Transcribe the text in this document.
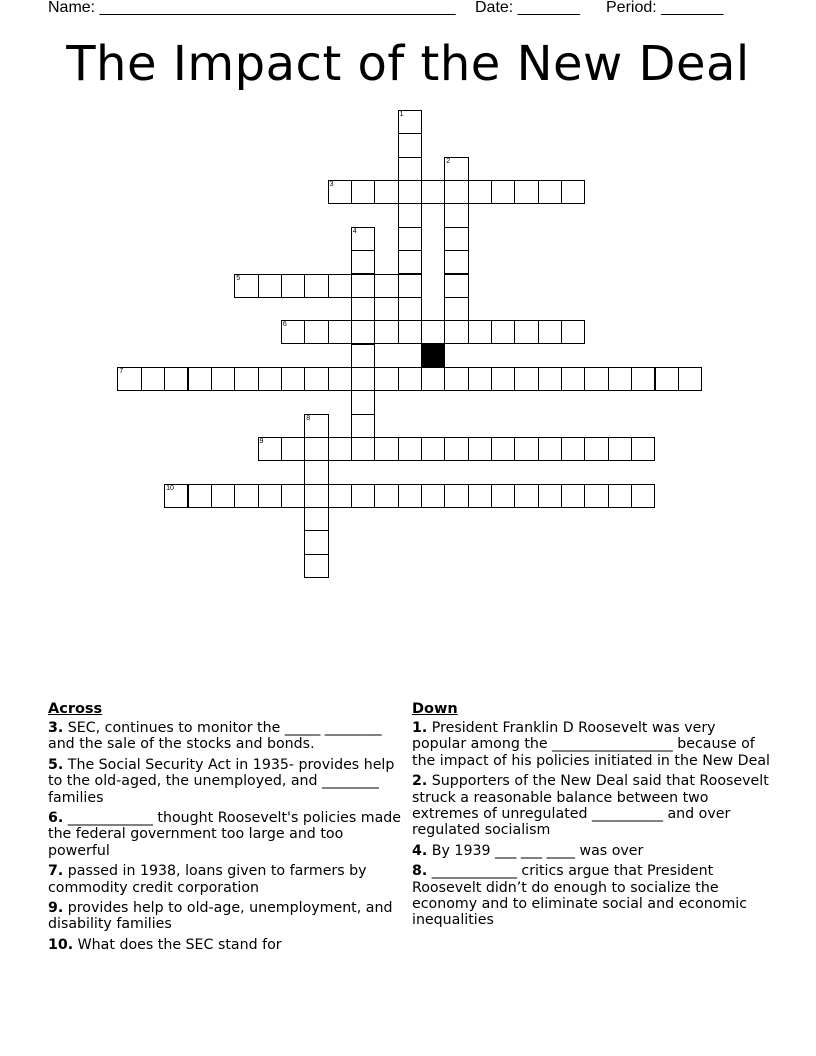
Name: ________________________________________ Date: _______ Period: _______
The Impact of the New Deal
1
2
3
4
5
6
7
8
9
10
Across
3. SEC, continues to monitor the _____ ________ and the sale of the stocks and bonds.
5. The Social Security Act in 1935- provides help to the old-aged, the unemployed, and ________ families
6. ____________ thought Roosevelt's policies made the federal government too large and too powerful
7. passed in 1938, loans given to farmers by commodity credit corporation
9. provides help to old-age, unemployment, and disability families
10. What does the SEC stand for
Down
1. President Franklin D Roosevelt was very popular among the _________________ because of the impact of his policies initiated in the New Deal
2. Supporters of the New Deal said that Roosevelt struck a reasonable balance between two extremes of unregulated __________ and over regulated socialism
4. By 1939 ___ ___ ____ was over
8. ____________ critics argue that President Roosevelt didn’t do enough to socialize the economy and to eliminate social and economic inequalities
